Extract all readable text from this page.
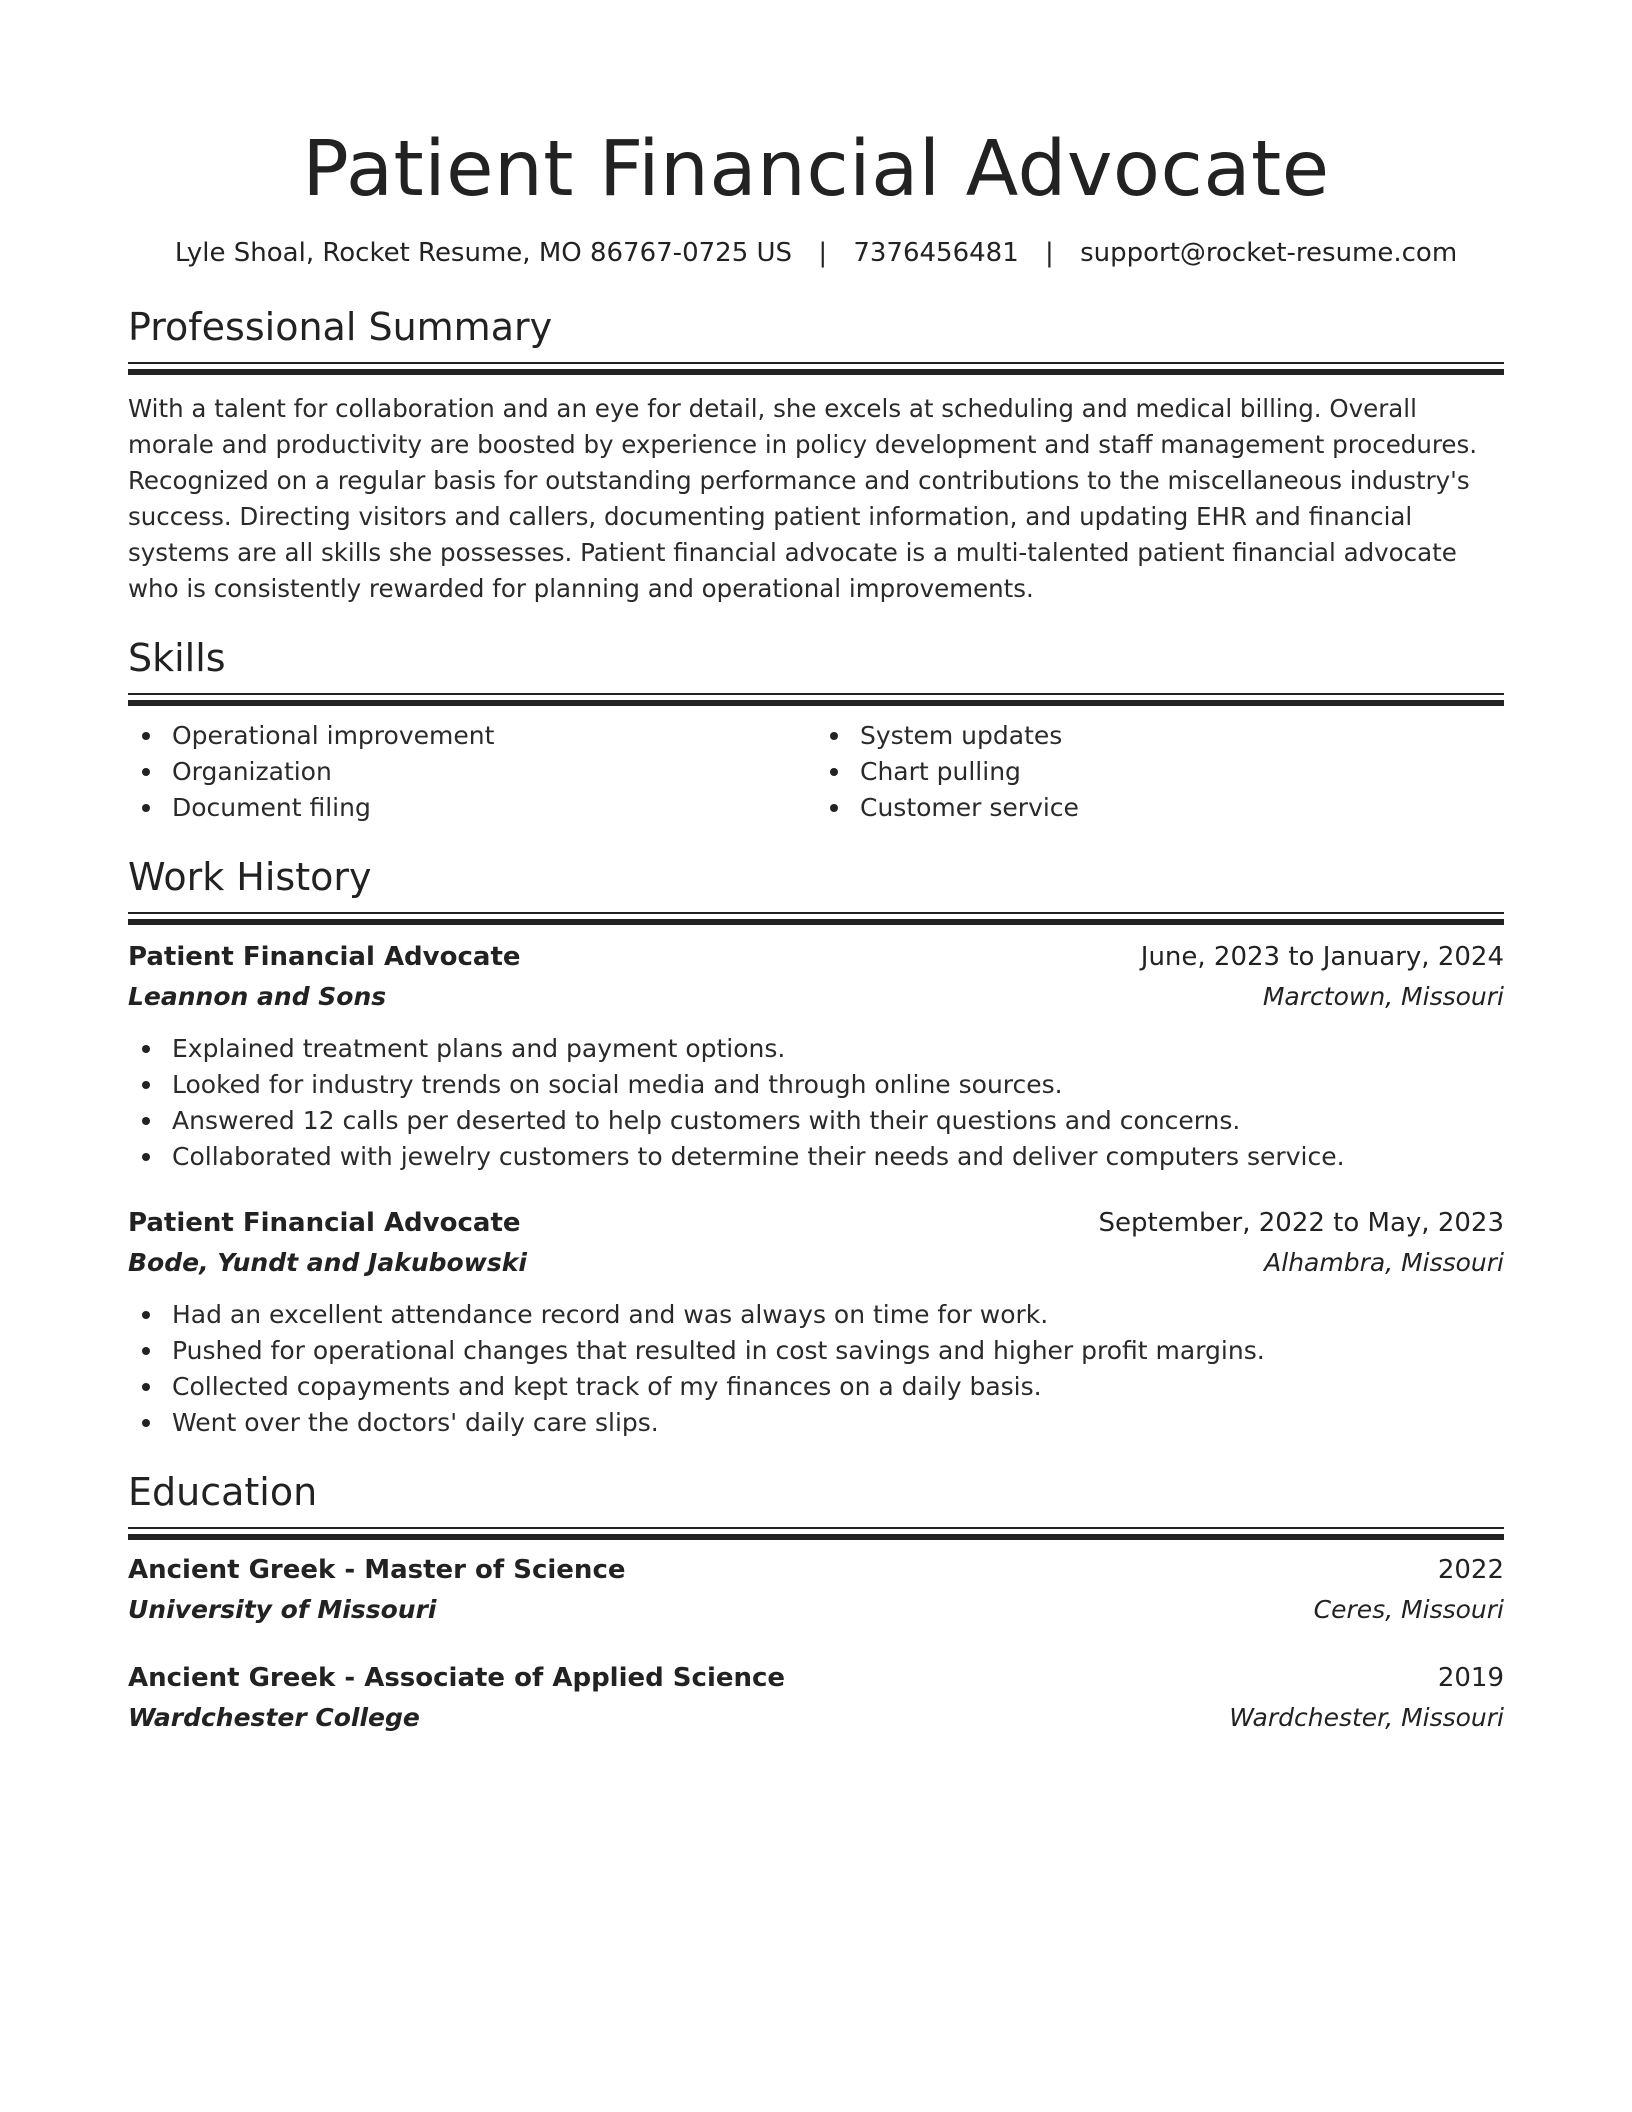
Patient Financial Advocate
Lyle Shoal, Rocket Resume, MO 86767-0725 US | 7376456481 | support@rocket-resume.com
Professional Summary

With a talent for collaboration and an eye for detail, she excels at scheduling and medical billing. Overall morale and productivity are boosted by experience in policy development and staff management procedures. Recognized on a regular basis for outstanding performance and contributions to the miscellaneous industry's success. Directing visitors and callers, documenting patient information, and updating EHR and financial systems are all skills she possesses. Patient financial advocate is a multi-talented patient financial advocate who is consistently rewarded for planning and operational improvements.

Skills
Operational improvement
Organization
Document filing
System updates
Chart pulling
Customer service
Work History
Patient Financial Advocate	June, 2023 to January, 2024
Leannon and Sons	Marctown, Missouri
Explained treatment plans and payment options.
Looked for industry trends on social media and through online sources.
Answered 12 calls per deserted to help customers with their questions and concerns.
Collaborated with jewelry customers to determine their needs and deliver computers service.
Patient Financial Advocate	September, 2022 to May, 2023
Bode, Yundt and Jakubowski	Alhambra, Missouri
Had an excellent attendance record and was always on time for work.
Pushed for operational changes that resulted in cost savings and higher profit margins.
Collected copayments and kept track of my finances on a daily basis.
Went over the doctors' daily care slips.
Education
Ancient Greek - Master of Science	2022
University of Missouri	Ceres, Missouri
Ancient Greek - Associate of Applied Science	2019
Wardchester College	Wardchester, Missouri
